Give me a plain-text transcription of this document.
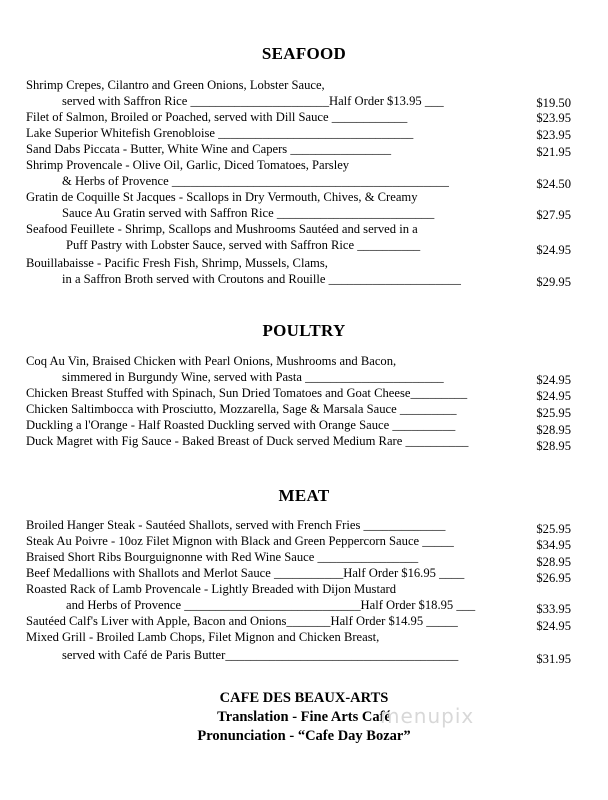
SEAFOOD
Shrimp Crepes, Cilantro and Green Onions, Lobster Sauce,
served with Saffron Rice ______________________Half Order $13.95 ___	$19.50
Filet of Salmon, Broiled or Poached, served with Dill Sauce ____________	$23.95
Lake Superior Whitefish Grenobloise _______________________________	$23.95
Sand Dabs Piccata - Butter, White Wine and Capers ________________	$21.95
Shrimp Provencale - Olive Oil, Garlic, Diced Tomatoes, Parsley
& Herbs of Provence ____________________________________________	$24.50
Gratin de Coquille St Jacques - Scallops in Dry Vermouth, Chives, & Creamy
Sauce Au Gratin served with Saffron Rice _________________________	$27.95
Seafood Feuillete - Shrimp, Scallops and Mushrooms Sautéed and served in a
Puff Pastry with Lobster Sauce, served with Saffron Rice __________	$24.95
Bouillabaisse - Pacific Fresh Fish, Shrimp, Mussels, Clams,
in a Saffron Broth served with Croutons and Rouille _____________________	$29.95
POULTRY
Coq Au Vin, Braised Chicken with Pearl Onions, Mushrooms and Bacon,
simmered in Burgundy Wine, served with Pasta ______________________	$24.95
Chicken Breast Stuffed with Spinach, Sun Dried Tomatoes and Goat Cheese_________	$24.95
Chicken Saltimbocca with Prosciutto, Mozzarella, Sage & Marsala Sauce _________	$25.95
Duckling a l'Orange - Half Roasted Duckling served with Orange Sauce __________	$28.95
Duck Magret with Fig Sauce - Baked Breast of Duck served Medium Rare __________	$28.95
MEAT
Broiled Hanger Steak - Sautéed Shallots, served with French Fries _____________	$25.95
Steak Au Poivre - 10oz Filet Mignon with Black and Green Peppercorn Sauce _____	$34.95
Braised Short Ribs Bourguignonne with Red Wine Sauce ________________	$28.95
Beef Medallions with Shallots and Merlot Sauce ___________Half Order $16.95 ____	$26.95
Roasted Rack of Lamb Provencale - Lightly Breaded with Dijon Mustard
and Herbs of Provence ____________________________Half Order $18.95 ___	$33.95
Sautéed Calf's Liver with Apple, Bacon and Onions_______Half Order $14.95 _____	$24.95
Mixed Grill - Broiled Lamb Chops, Filet Mignon and Chicken Breast,
served with Café de Paris Butter_____________________________________	$31.95
CAFE DES BEAUX-ARTS
Translation - Fine Arts Café
Pronunciation - “Cafe Day Bozar”
menupix
